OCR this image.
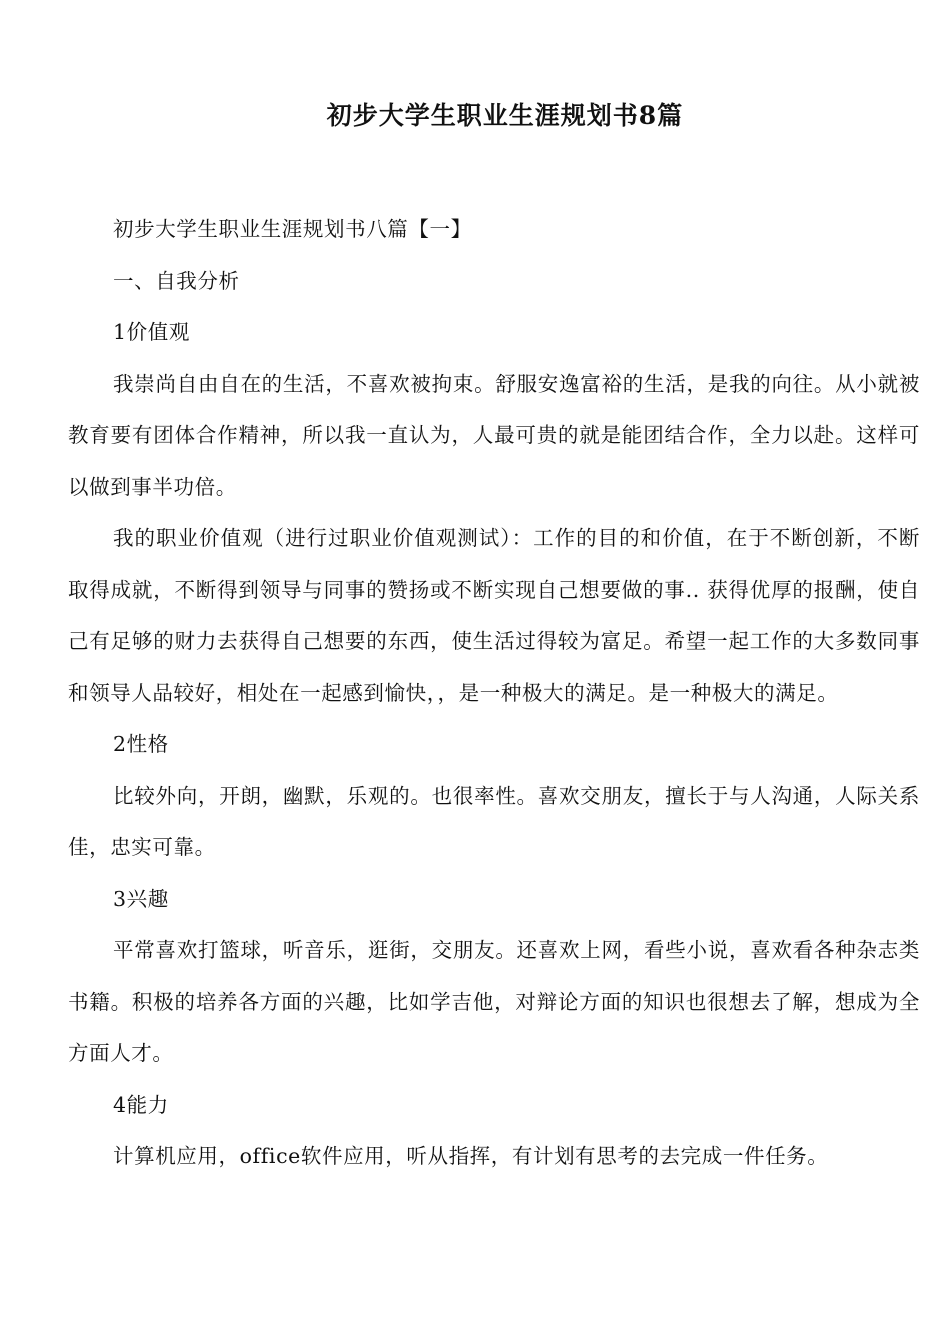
初步大学生职业生涯规划书8篇

初步大学生职业生涯规划书八篇【一】

一、自我分析

1价值观

我崇尚自由自在的生活，不喜欢被拘束。舒服安逸富裕的生活，是我的向往。从小就被教育要有团体合作精神，所以我一直认为，人最可贵的就是能团结合作，全力以赴。这样可以做到事半功倍。

我的职业价值观（进行过职业价值观测试）：工作的目的和价值，在于不断创新，不断取得成就，不断得到领导与同事的赞扬或不断实现自己想要做的事.. 获得优厚的报酬，使自己有足够的财力去获得自己想要的东西，使生活过得较为富足。希望一起工作的大多数同事和领导人品较好，相处在一起感到愉快，，是一种极大的满足。是一种极大的满足。

2性格

比较外向，开朗，幽默，乐观的。也很率性。喜欢交朋友，擅长于与人沟通，人际关系佳，忠实可靠。

3兴趣

平常喜欢打篮球，听音乐，逛街，交朋友。还喜欢上网，看些小说，喜欢看各种杂志类书籍。积极的培养各方面的兴趣，比如学吉他，对辩论方面的知识也很想去了解，想成为全方面人才。

4能力

计算机应用，office软件应用，听从指挥，有计划有思考的去完成一件任务。
